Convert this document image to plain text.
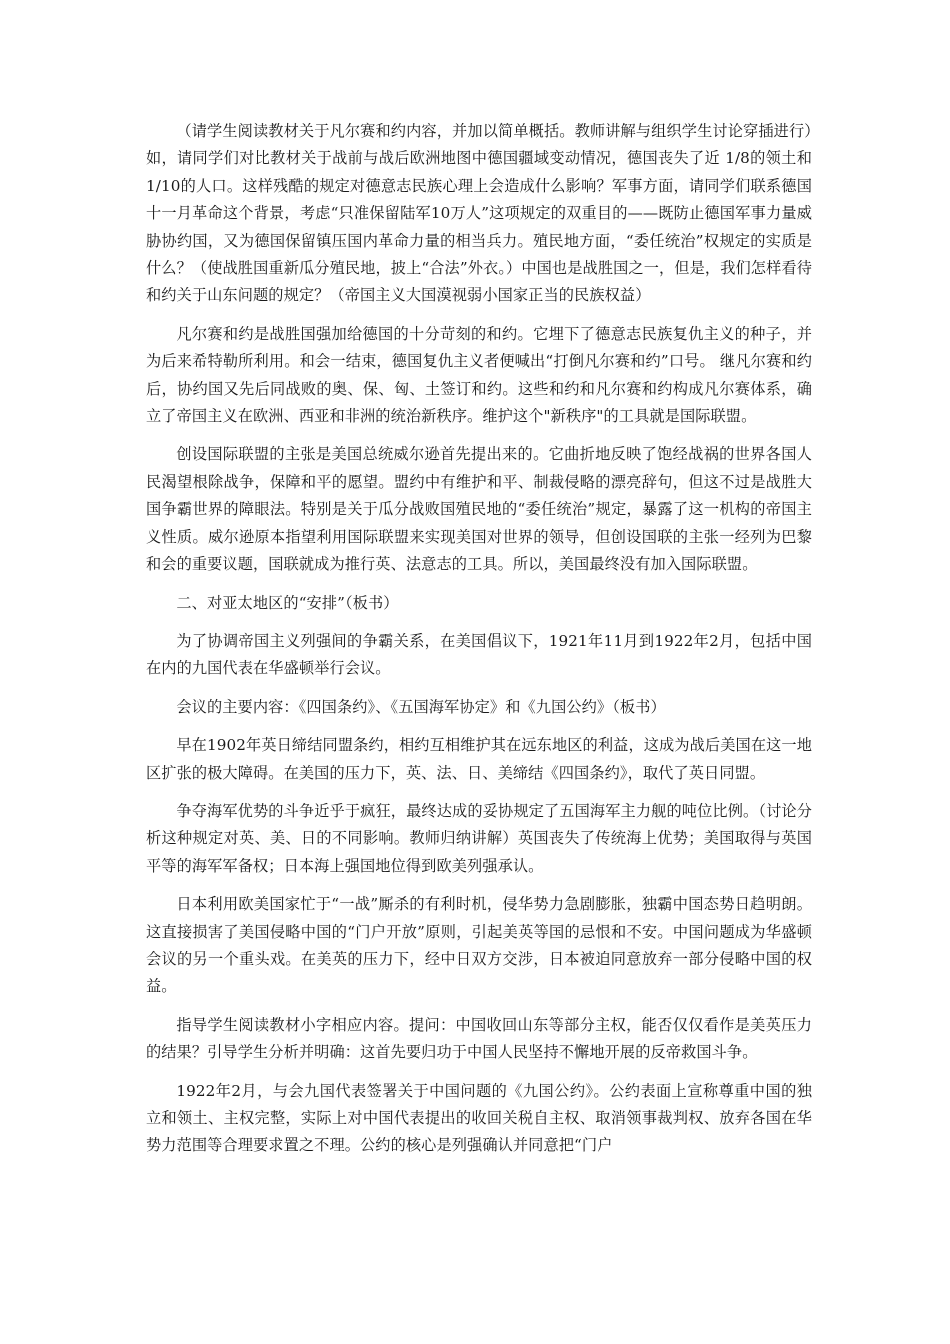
（请学生阅读教材关于凡尔赛和约内容，并加以简单概括。教师讲解与组织学生讨论穿插进行）如，请同学们对比教材关于战前与战后欧洲地图中德国疆域变动情况，德国丧失了近 1/8的领土和1/10的人口。这样残酷的规定对德意志民族心理上会造成什么影响？军事方面，请同学们联系德国十一月革命这个背景，考虑“只准保留陆军10万人”这项规定的双重目的——既防止德国军事力量威胁协约国，又为德国保留镇压国内革命力量的相当兵力。殖民地方面，“委任统治”权规定的实质是什么？（使战胜国重新瓜分殖民地，披上“合法”外衣。）中国也是战胜国之一，但是，我们怎样看待和约关于山东问题的规定？（帝国主义大国漠视弱小国家正当的民族权益）

凡尔赛和约是战胜国强加给德国的十分苛刻的和约。它埋下了德意志民族复仇主义的种子，并为后来希特勒所利用。和会一结束，德国复仇主义者便喊出“打倒凡尔赛和约”口号。 继凡尔赛和约后，协约国又先后同战败的奥、保、匈、土签订和约。这些和约和凡尔赛和约构成凡尔赛体系，确立了帝国主义在欧洲、西亚和非洲的统治新秩序。维护这个"新秩序"的工具就是国际联盟。

创设国际联盟的主张是美国总统威尔逊首先提出来的。它曲折地反映了饱经战祸的世界各国人民渴望根除战争，保障和平的愿望。盟约中有维护和平、制裁侵略的漂亮辞句，但这不过是战胜大国争霸世界的障眼法。特别是关于瓜分战败国殖民地的“委任统治”规定，暴露了这一机构的帝国主义性质。威尔逊原本指望利用国际联盟来实现美国对世界的领导，但创设国联的主张一经列为巴黎和会的重要议题，国联就成为推行英、法意志的工具。所以，美国最终没有加入国际联盟。

二、对亚太地区的“安排”（板书）

为了协调帝国主义列强间的争霸关系，在美国倡议下，1921年11月到1922年2月，包括中国在内的九国代表在华盛顿举行会议。

会议的主要内容：《四国条约》、《五国海军协定》和《九国公约》（板书）

早在1902年英日缔结同盟条约，相约互相维护其在远东地区的利益，这成为战后美国在这一地区扩张的极大障碍。在美国的压力下，英、法、日、美缔结《四国条约》，取代了英日同盟。

争夺海军优势的斗争近乎于疯狂，最终达成的妥协规定了五国海军主力舰的吨位比例。（讨论分析这种规定对英、美、日的不同影响。教师归纳讲解）英国丧失了传统海上优势；美国取得与英国平等的海军军备权；日本海上强国地位得到欧美列强承认。

日本利用欧美国家忙于“一战”厮杀的有利时机，侵华势力急剧膨胀，独霸中国态势日趋明朗。这直接损害了美国侵略中国的“门户开放”原则，引起美英等国的忌恨和不安。中国问题成为华盛顿会议的另一个重头戏。在美英的压力下，经中日双方交涉，日本被迫同意放弃一部分侵略中国的权益。

指导学生阅读教材小字相应内容。提问：中国收回山东等部分主权，能否仅仅看作是美英压力的结果？引导学生分析并明确：这首先要归功于中国人民坚持不懈地开展的反帝救国斗争。

1922年2月，与会九国代表签署关于中国问题的《九国公约》。公约表面上宣称尊重中国的独立和领土、主权完整，实际上对中国代表提出的收回关税自主权、取消领事裁判权、放弃各国在华势力范围等合理要求置之不理。公约的核心是列强确认并同意把“门户
